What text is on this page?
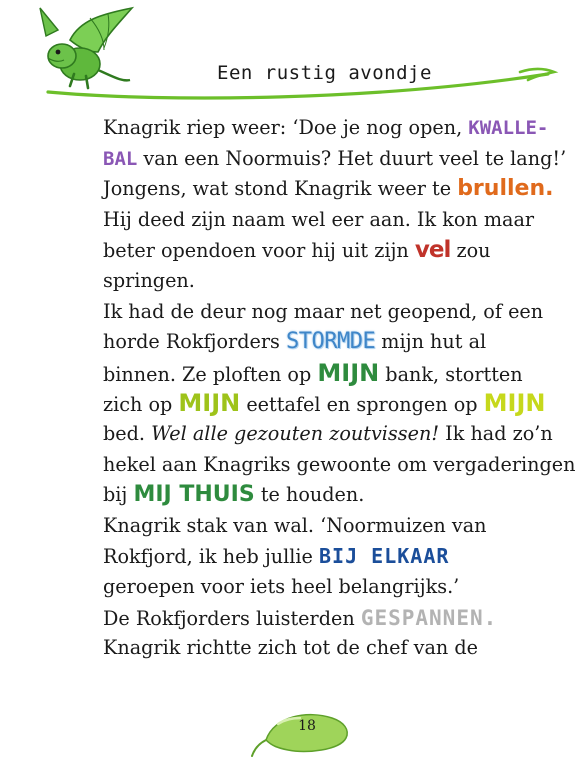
Een rustig avondje
Knagrik riep weer: ‘Doe je nog open, KWALLE-
BAL van een Noormuis? Het duurt veel te lang!’
Jongens, wat stond Knagrik weer te brullen.
Hij deed zijn naam wel eer aan. Ik kon maar
beter opendoen voor hij uit zijn vel zou
springen.
Ik had de deur nog maar net geopend, of een
horde Rokfjorders STORMDE mijn hut al
binnen. Ze ploften op MIJN bank, stortten
zich op MIJN eettafel en sprongen op MIJN
bed. Wel alle gezouten zoutvissen! Ik had zo’n
hekel aan Knagriks gewoonte om vergaderingen
bij MIJ THUIS te houden.
Knagrik stak van wal. ‘Noormuizen van
Rokfjord, ik heb jullie BIJ ELKAAR
geroepen voor iets heel belangrijks.’
De Rokfjorders luisterden GESPANNEN.
Knagrik richtte zich tot de chef van de
18
